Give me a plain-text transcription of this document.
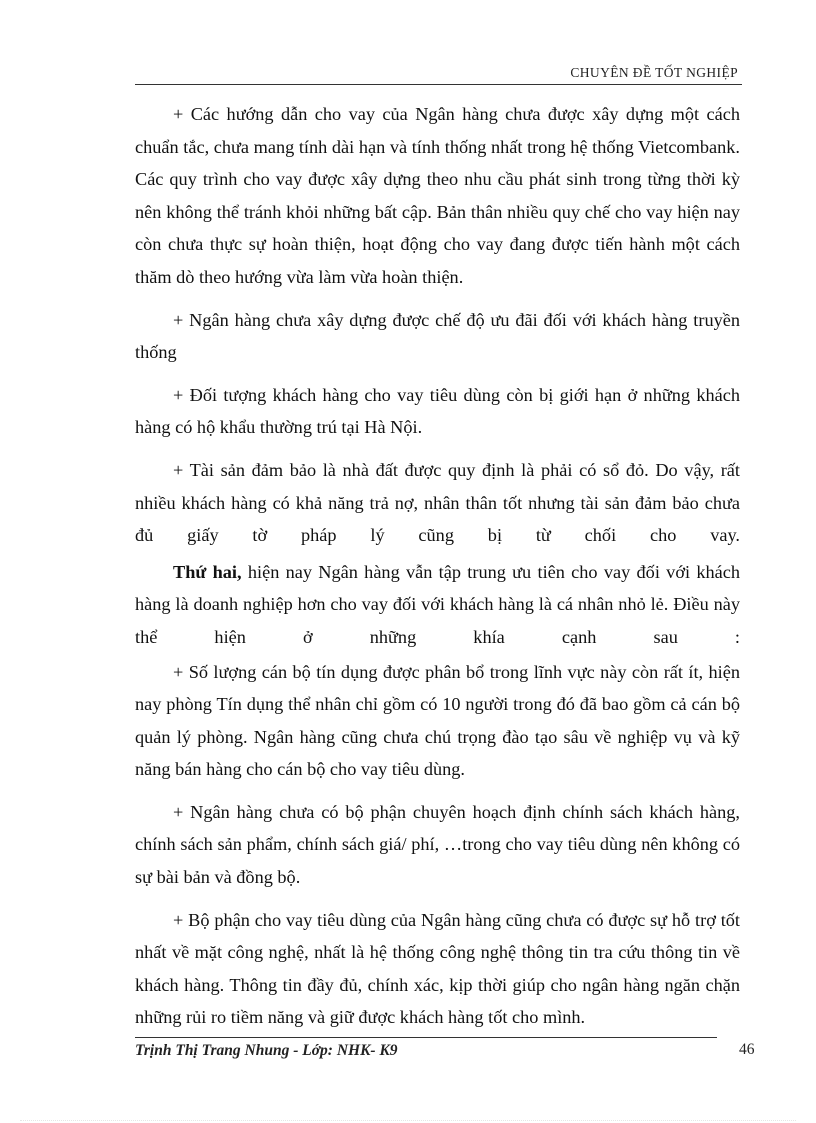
CHUYÊN ĐỀ TỐT NGHIỆP

+ Các hướng dẫn cho vay của Ngân hàng chưa được xây dựng một cách chuẩn tắc, chưa mang tính dài hạn và tính thống nhất trong hệ thống Vietcombank. Các quy trình cho vay được xây dựng theo nhu cầu phát sinh trong từng thời kỳ nên không thể tránh khỏi những bất cập. Bản thân nhiều quy chế cho vay hiện nay còn chưa thực sự hoàn thiện, hoạt động cho vay đang được tiến hành một cách thăm dò theo hướng vừa làm vừa hoàn thiện.

+ Ngân hàng chưa xây dựng được chế độ ưu đãi đối với khách hàng truyền thống

+ Đối tượng khách hàng cho vay tiêu dùng còn bị giới hạn ở những khách hàng có hộ khẩu thường trú tại Hà Nội.

+ Tài sản đảm bảo là nhà đất được quy định là phải có sổ đỏ. Do vậy, rất nhiều khách hàng có khả năng trả nợ, nhân thân tốt nhưng tài sản đảm bảo chưa đủ giấy tờ pháp lý cũng bị từ chối cho vay.

Thứ hai, hiện nay Ngân hàng vẫn tập trung ưu tiên cho vay đối với khách hàng là doanh nghiệp hơn cho vay đối với khách hàng là cá nhân nhỏ lẻ. Điều này thể hiện ở những khía cạnh sau :

+ Số lượng cán bộ tín dụng được phân bổ trong lĩnh vực này còn rất ít, hiện nay phòng Tín dụng thể nhân chỉ gồm có 10 người trong đó đã bao gồm cả cán bộ quản lý phòng. Ngân hàng cũng chưa chú trọng đào tạo sâu về nghiệp vụ và kỹ năng bán hàng cho cán bộ cho vay tiêu dùng.

+ Ngân hàng chưa có bộ phận chuyên hoạch định chính sách khách hàng, chính sách sản phẩm, chính sách giá/ phí, …trong cho vay tiêu dùng nên không có sự bài bản và đồng bộ.

+ Bộ phận cho vay tiêu dùng của Ngân hàng cũng chưa có được sự hỗ trợ tốt nhất về mặt công nghệ, nhất là hệ thống công nghệ thông tin tra cứu thông tin về khách hàng. Thông tin đầy đủ, chính xác, kịp thời giúp cho ngân hàng ngăn chặn những rủi ro tiềm năng và giữ được khách hàng tốt cho mình.

Trịnh Thị Trang Nhung - Lớp: NHK- K9	46
